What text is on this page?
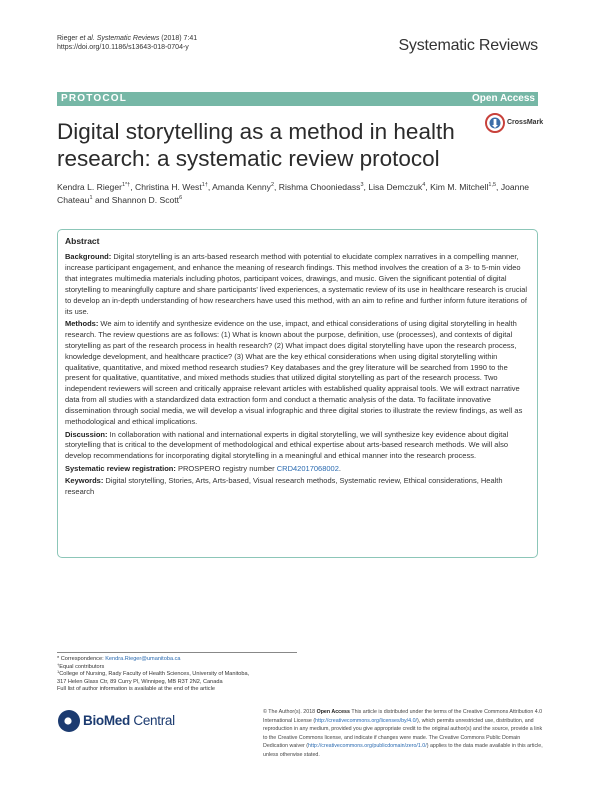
Rieger et al. Systematic Reviews (2018) 7:41
https://doi.org/10.1186/s13643-018-0704-y	Systematic Reviews
PROTOCOL	Open Access
Digital storytelling as a method in health research: a systematic review protocol
CrossMark
Kendra L. Rieger$^{1*\dagger}$, Christina H. West$^{1\dagger}$, Amanda Kenny$^2$, Rishma Chooniedass$^3$, Lisa Demczuk$^4$, Kim M. Mitchell$^{1,5}$, Joanne Chateau$^1$ and Shannon D. Scott$^6$
Abstract

Background: Digital storytelling is an arts-based research method with potential to elucidate complex narratives in a compelling manner, increase participant engagement, and enhance the meaning of research findings. This method involves the creation of a 3- to 5-min video that integrates multimedia materials including photos, participant voices, drawings, and music. Given the significant potential of digital storytelling to meaningfully capture and share participants' lived experiences, a systematic review of its use in healthcare research is crucial to develop an in-depth understanding of how researchers have used this method, with an aim to refine and further inform future iterations of its use.

Methods: We aim to identify and synthesize evidence on the use, impact, and ethical considerations of using digital storytelling in health research. The review questions are as follows: (1) What is known about the purpose, definition, use (processes), and contexts of digital storytelling as part of the research process in health research? (2) What impact does digital storytelling have upon the research process, knowledge development, and healthcare practice? (3) What are the key ethical considerations when using digital storytelling within qualitative, quantitative, and mixed method research studies? Key databases and the grey literature will be searched from 1990 to the present for qualitative, quantitative, and mixed methods studies that utilized digital storytelling as part of the research process. Two independent reviewers will screen and critically appraise relevant articles with established quality appraisal tools. We will extract narrative data from all studies with a standardized data extraction form and conduct a thematic analysis of the data. To facilitate innovative dissemination through social media, we will develop a visual infographic and three digital stories to illustrate the review findings, as well as methodological and ethical implications.

Discussion: In collaboration with national and international experts in digital storytelling, we will synthesize key evidence about digital storytelling that is critical to the development of methodological and ethical expertise about arts-based research methods. We will also develop recommendations for incorporating digital storytelling in a meaningful and ethical manner into the research process.

Systematic review registration: PROSPERO registry number CRD42017068002.

Keywords: Digital storytelling, Stories, Arts, Arts-based, Visual research methods, Systematic review, Ethical considerations, Health research

* Correspondence: Kendra.Rieger@umanitoba.ca
†Equal contributors
$^1$College of Nursing, Rady Faculty of Health Sciences, University of Manitoba,
317 Helen Glass Ctr, 89 Curry Pl, Winnipeg, MB R3T 2N2, Canada
Full list of author information is available at the end of the article
BioMed Central
© The Author(s). 2018 Open Access This article is distributed under the terms of the Creative Commons Attribution 4.0 International License (http://creativecommons.org/licenses/by/4.0/), which permits unrestricted use, distribution, and reproduction in any medium, provided you give appropriate credit to the original author(s) and the source, provide a link to the Creative Commons license, and indicate if changes were made. The Creative Commons Public Domain Dedication waiver (http://creativecommons.org/publicdomain/zero/1.0/) applies to the data made available in this article, unless otherwise stated.
